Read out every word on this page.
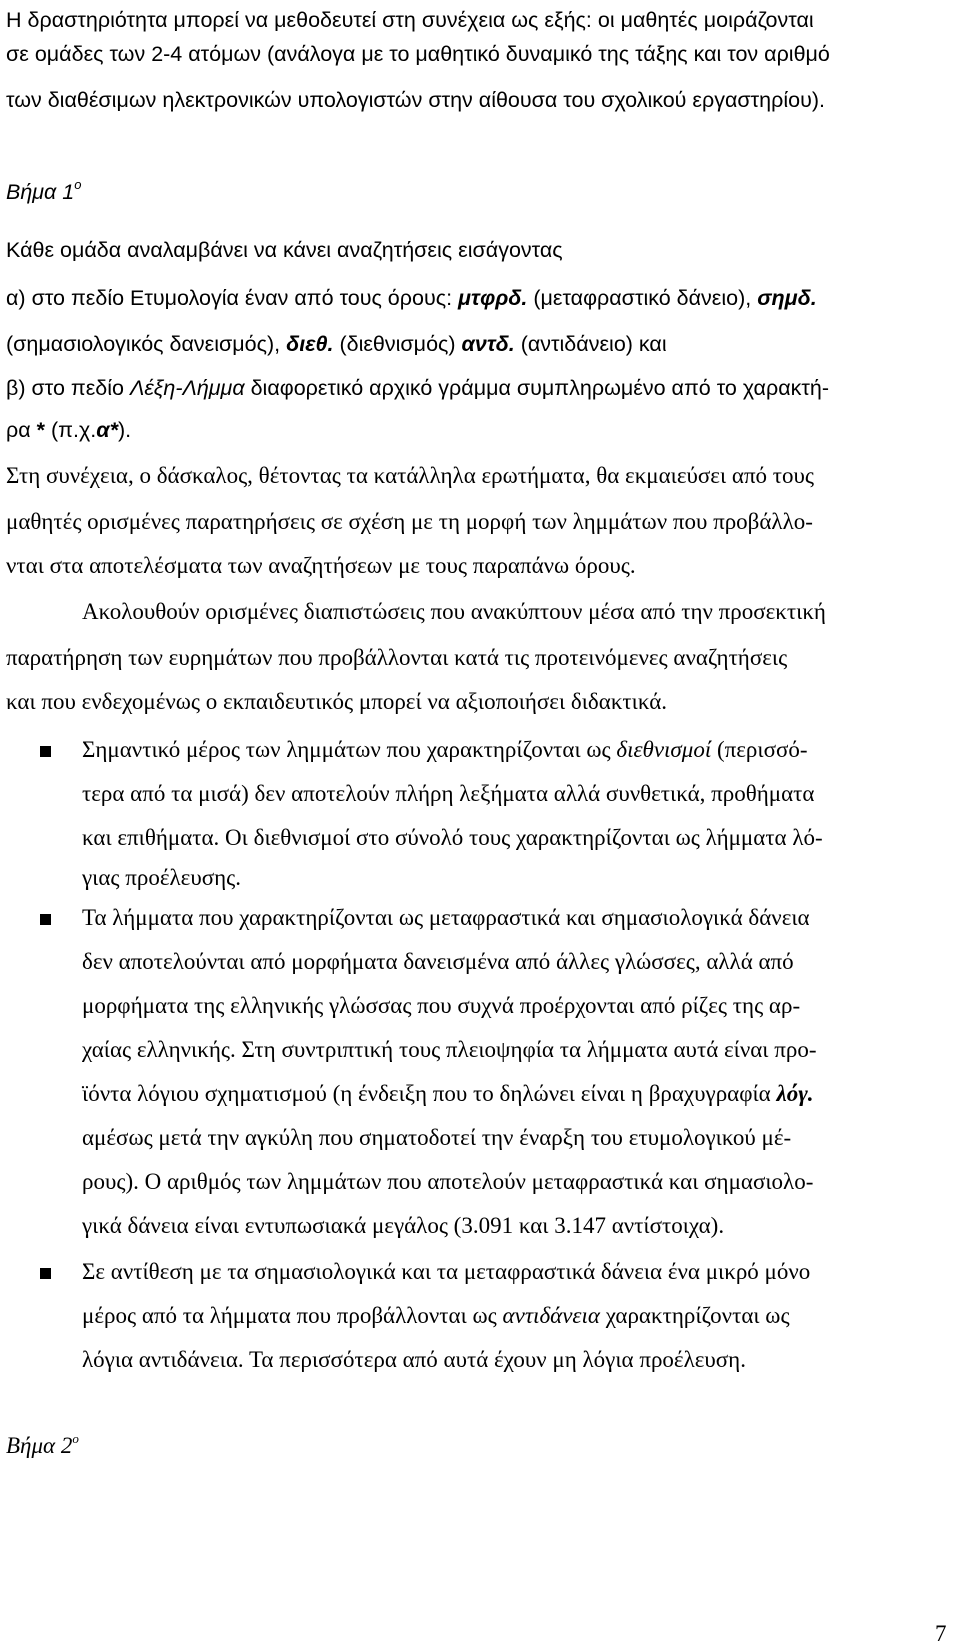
Η δραστηριότητα μπορεί να μεθοδευτεί στη συνέχεια ως εξής: οι μαθητές μοιράζονται
σε ομάδες των 2-4 ατόμων (ανάλογα με το μαθητικό δυναμικό της τάξης και τον αριθμό
των διαθέσιμων ηλεκτρονικών υπολογιστών στην αίθουσα του σχολικού εργαστηρίου).
Βήμα $1^o$
Κάθε ομάδα αναλαμβάνει να κάνει αναζητήσεις εισάγοντας
α) στο πεδίο Ετυμολογία έναν από τους όρους: μτφρδ. (μεταφραστικό δάνειο), σημδ.
(σημασιολογικός δανεισμός), διεθ. (διεθνισμός) αντδ. (αντιδάνειο) και
β) στο πεδίο Λέξη-Λήμμα διαφορετικό αρχικό γράμμα συμπληρωμένο από το χαρακτή-
ρα * (π.χ.α*).
Στη συνέχεια, ο δάσκαλος, θέτοντας τα κατάλληλα ερωτήματα, θα εκμαιεύσει από τους
μαθητές ορισμένες παρατηρήσεις σε σχέση με τη μορφή των λημμάτων που προβάλλο-
νται στα αποτελέσματα των αναζητήσεων με τους παραπάνω όρους.
Ακολουθούν ορισμένες διαπιστώσεις που ανακύπτουν μέσα από την προσεκτική
παρατήρηση των ευρημάτων που προβάλλονται κατά τις προτεινόμενες αναζητήσεις
και που ενδεχομένως ο εκπαιδευτικός μπορεί να αξιοποιήσει διδακτικά.
Σημαντικό μέρος των λημμάτων που χαρακτηρίζονται ως διεθνισμοί (περισσό-
τερα από τα μισά) δεν αποτελούν πλήρη λεξήματα αλλά συνθετικά, προθήματα
και επιθήματα. Οι διεθνισμοί στο σύνολό τους χαρακτηρίζονται ως λήμματα λό-
γιας προέλευσης.
Τα λήμματα που χαρακτηρίζονται ως μεταφραστικά και σημασιολογικά δάνεια
δεν αποτελούνται από μορφήματα δανεισμένα από άλλες γλώσσες, αλλά από
μορφήματα της ελληνικής γλώσσας που συχνά προέρχονται από ρίζες της αρ-
χαίας ελληνικής. Στη συντριπτική τους πλειοψηφία τα λήμματα αυτά είναι προ-
ϊόντα λόγιου σχηματισμού (η ένδειξη που το δηλώνει είναι η βραχυγραφία λόγ.
αμέσως μετά την αγκύλη που σηματοδοτεί την έναρξη του ετυμολογικού μέ-
ρους). Ο αριθμός των λημμάτων που αποτελούν μεταφραστικά και σημασιολο-
γικά δάνεια είναι εντυπωσιακά μεγάλος (3.091 και 3.147 αντίστοιχα).
Σε αντίθεση με τα σημασιολογικά και τα μεταφραστικά δάνεια ένα μικρό μόνο
μέρος από τα λήμματα που προβάλλονται ως αντιδάνεια χαρακτηρίζονται ως
λόγια αντιδάνεια. Τα περισσότερα από αυτά έχουν μη λόγια προέλευση.
Βήμα $2^o$
7
